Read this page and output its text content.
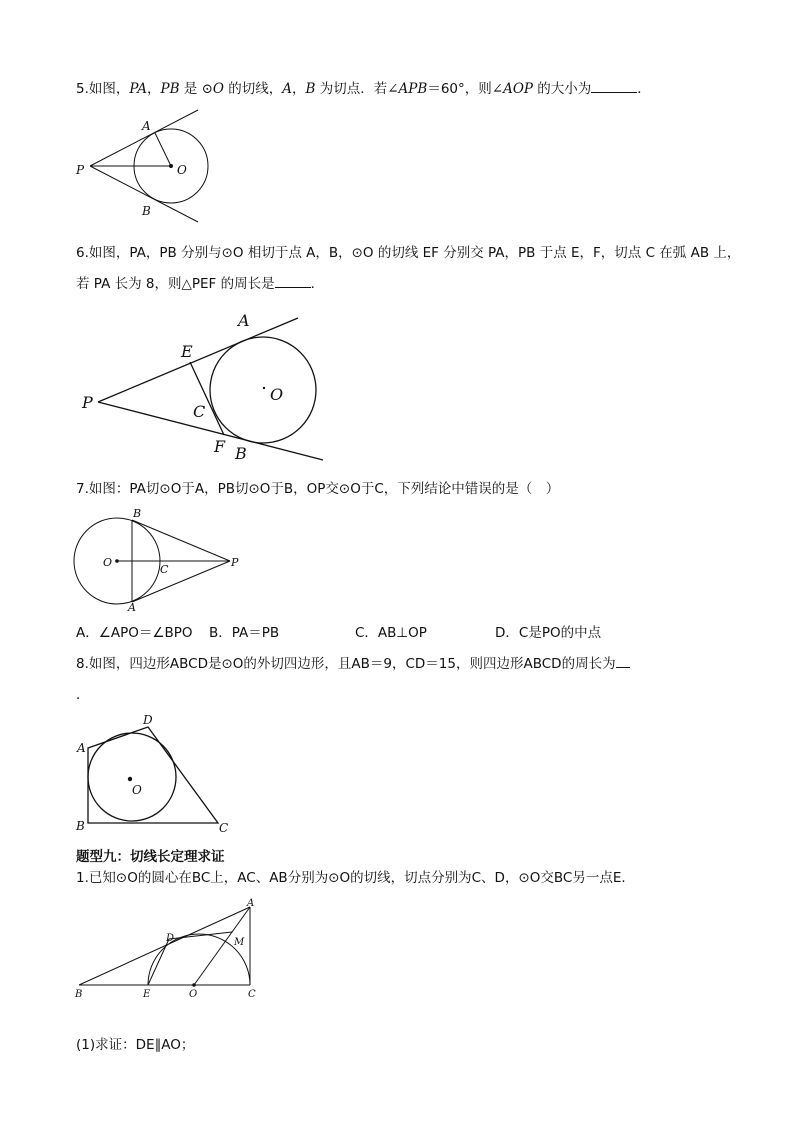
5.如图，PA，PB 是 ⊙O 的切线，A，B 为切点．若∠APB＝60°，则∠AOP 的大小为	．
A
P	O
B
6.如图，PA，PB 分别与⊙O 相切于点 A，B，⊙O 的切线 EF 分别交 PA，PB 于点 E，F，切点 C 在弧 AB 上，
若 PA 长为 8，则△PEF 的周长是	．
A
E
P	O
C
F B
7.如图：PA切⊙O于A，PB切⊙O于B，OP交⊙O于C，下列结论中错误的是（　）
B
O
C
P
A
A．∠APO＝∠BPO B．PA＝PB	C．AB⊥OP	D．C是PO的中点
8.如图，四边形ABCD是⊙O的外切四边形，且AB＝9，CD＝15，则四边形ABCD的周长为
．
D
A
O
B	C
题型九：切线长定理求证
1.已知⊙O的圆心在BC上，AC、AB分别为⊙O的切线，切点分别为C、D，⊙O交BC另一点E．
A
D	M
B	E	O	C
(1)求证：DE∥AO；
